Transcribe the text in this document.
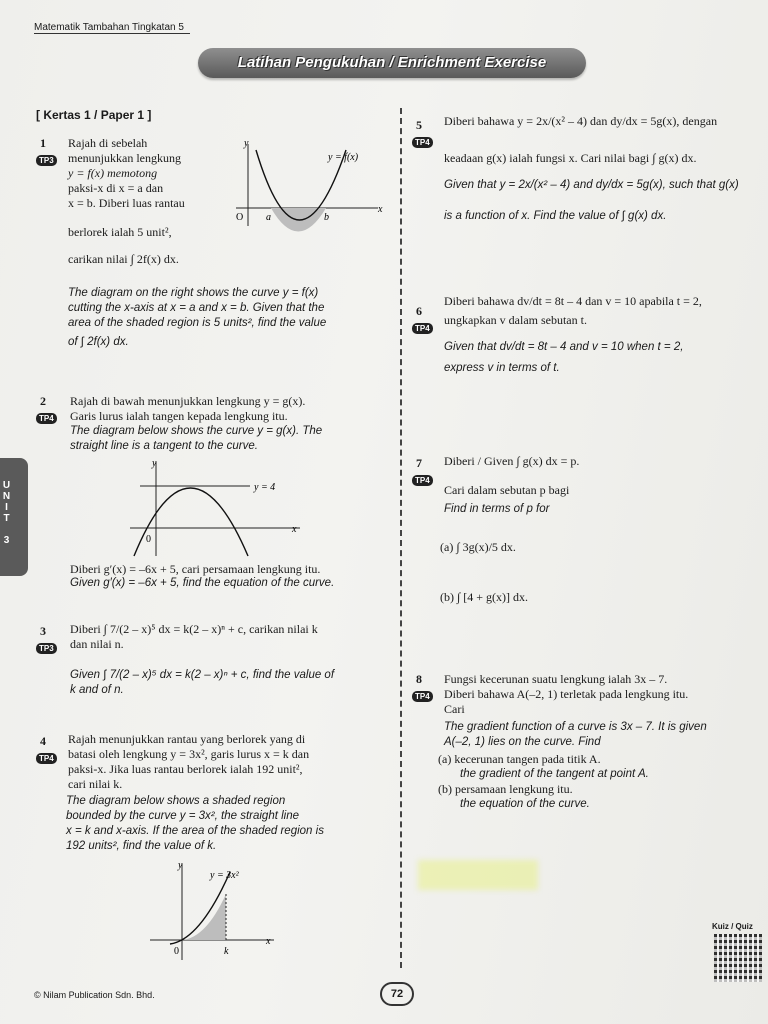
Matematik Tambahan Tingkatan 5
Latihan Pengukuhan / Enrichment Exercise
[ Kertas 1 / Paper 1 ]
UNIT 3
1
TP3
Rajah di sebelah
menunjukkan lengkung
y = f(x) memotong
paksi-x di x = a dan
x = b. Diberi luas rantau
berlorek ialah 5 unit²,
carikan nilai ∫ 2f(x) dx.
y
x
O a	b
y = f(x)
The diagram on the right shows the curve y = f(x)
cutting the x-axis at x = a and x = b. Given that the
area of the shaded region is 5 units², find the value
of ∫ 2f(x) dx.
2
TP4
Rajah di bawah menunjukkan lengkung y = g(x).
Garis lurus ialah tangen kepada lengkung itu.
The diagram below shows the curve y = g(x). The
straight line is a tangent to the curve.
y
x
0
y = 4
Diberi g′(x) = –6x + 5, cari persamaan lengkung itu.
Given g′(x) = –6x + 5, find the equation of the curve.
3
TP3
Diberi ∫ 7/(2 – x)⁵ dx = k(2 – x)ⁿ + c, carikan nilai k
dan nilai n.
Given ∫ 7/(2 – x)⁵ dx = k(2 – x)ⁿ + c, find the value of
k and of n.
4
TP4
Rajah menunjukkan rantau yang berlorek yang di
batasi oleh lengkung y = 3x², garis lurus x = k dan
paksi-x. Jika luas rantau berlorek ialah 192 unit²,
cari nilai k.
The diagram below shows a shaded region
bounded by the curve y = 3x², the straight line
x = k and x-axis. If the area of the shaded region is
192 units², find the value of k.
y
x
0	k
y = 3x²
5
TP4
Diberi bahawa y = 2x/(x² – 4) dan dy/dx = 5g(x), dengan
keadaan g(x) ialah fungsi x. Cari nilai bagi ∫ g(x) dx.
Given that y = 2x/(x² – 4) and dy/dx = 5g(x), such that g(x)
is a function of x. Find the value of ∫ g(x) dx.
6
TP4
Diberi bahawa dv/dt = 8t – 4 dan v = 10 apabila t = 2,
ungkapkan v dalam sebutan t.
Given that dv/dt = 8t – 4 and v = 10 when t = 2,
express v in terms of t.
7
TP4
Diberi / Given ∫ g(x) dx = p.
Cari dalam sebutan p bagi
Find in terms of p for
(a) ∫ 3g(x)/5 dx.
(b) ∫ [4 + g(x)] dx.
8
TP4
Fungsi kecerunan suatu lengkung ialah 3x – 7.
Diberi bahawa A(–2, 1) terletak pada lengkung itu.
Cari
The gradient function of a curve is 3x – 7. It is given
A(–2, 1) lies on the curve. Find
(a) kecerunan tangen pada titik A.
the gradient of the tangent at point A.
(b) persamaan lengkung itu.
the equation of the curve.
© Nilam Publication Sdn. Bhd.	72
Kuiz / Quiz
